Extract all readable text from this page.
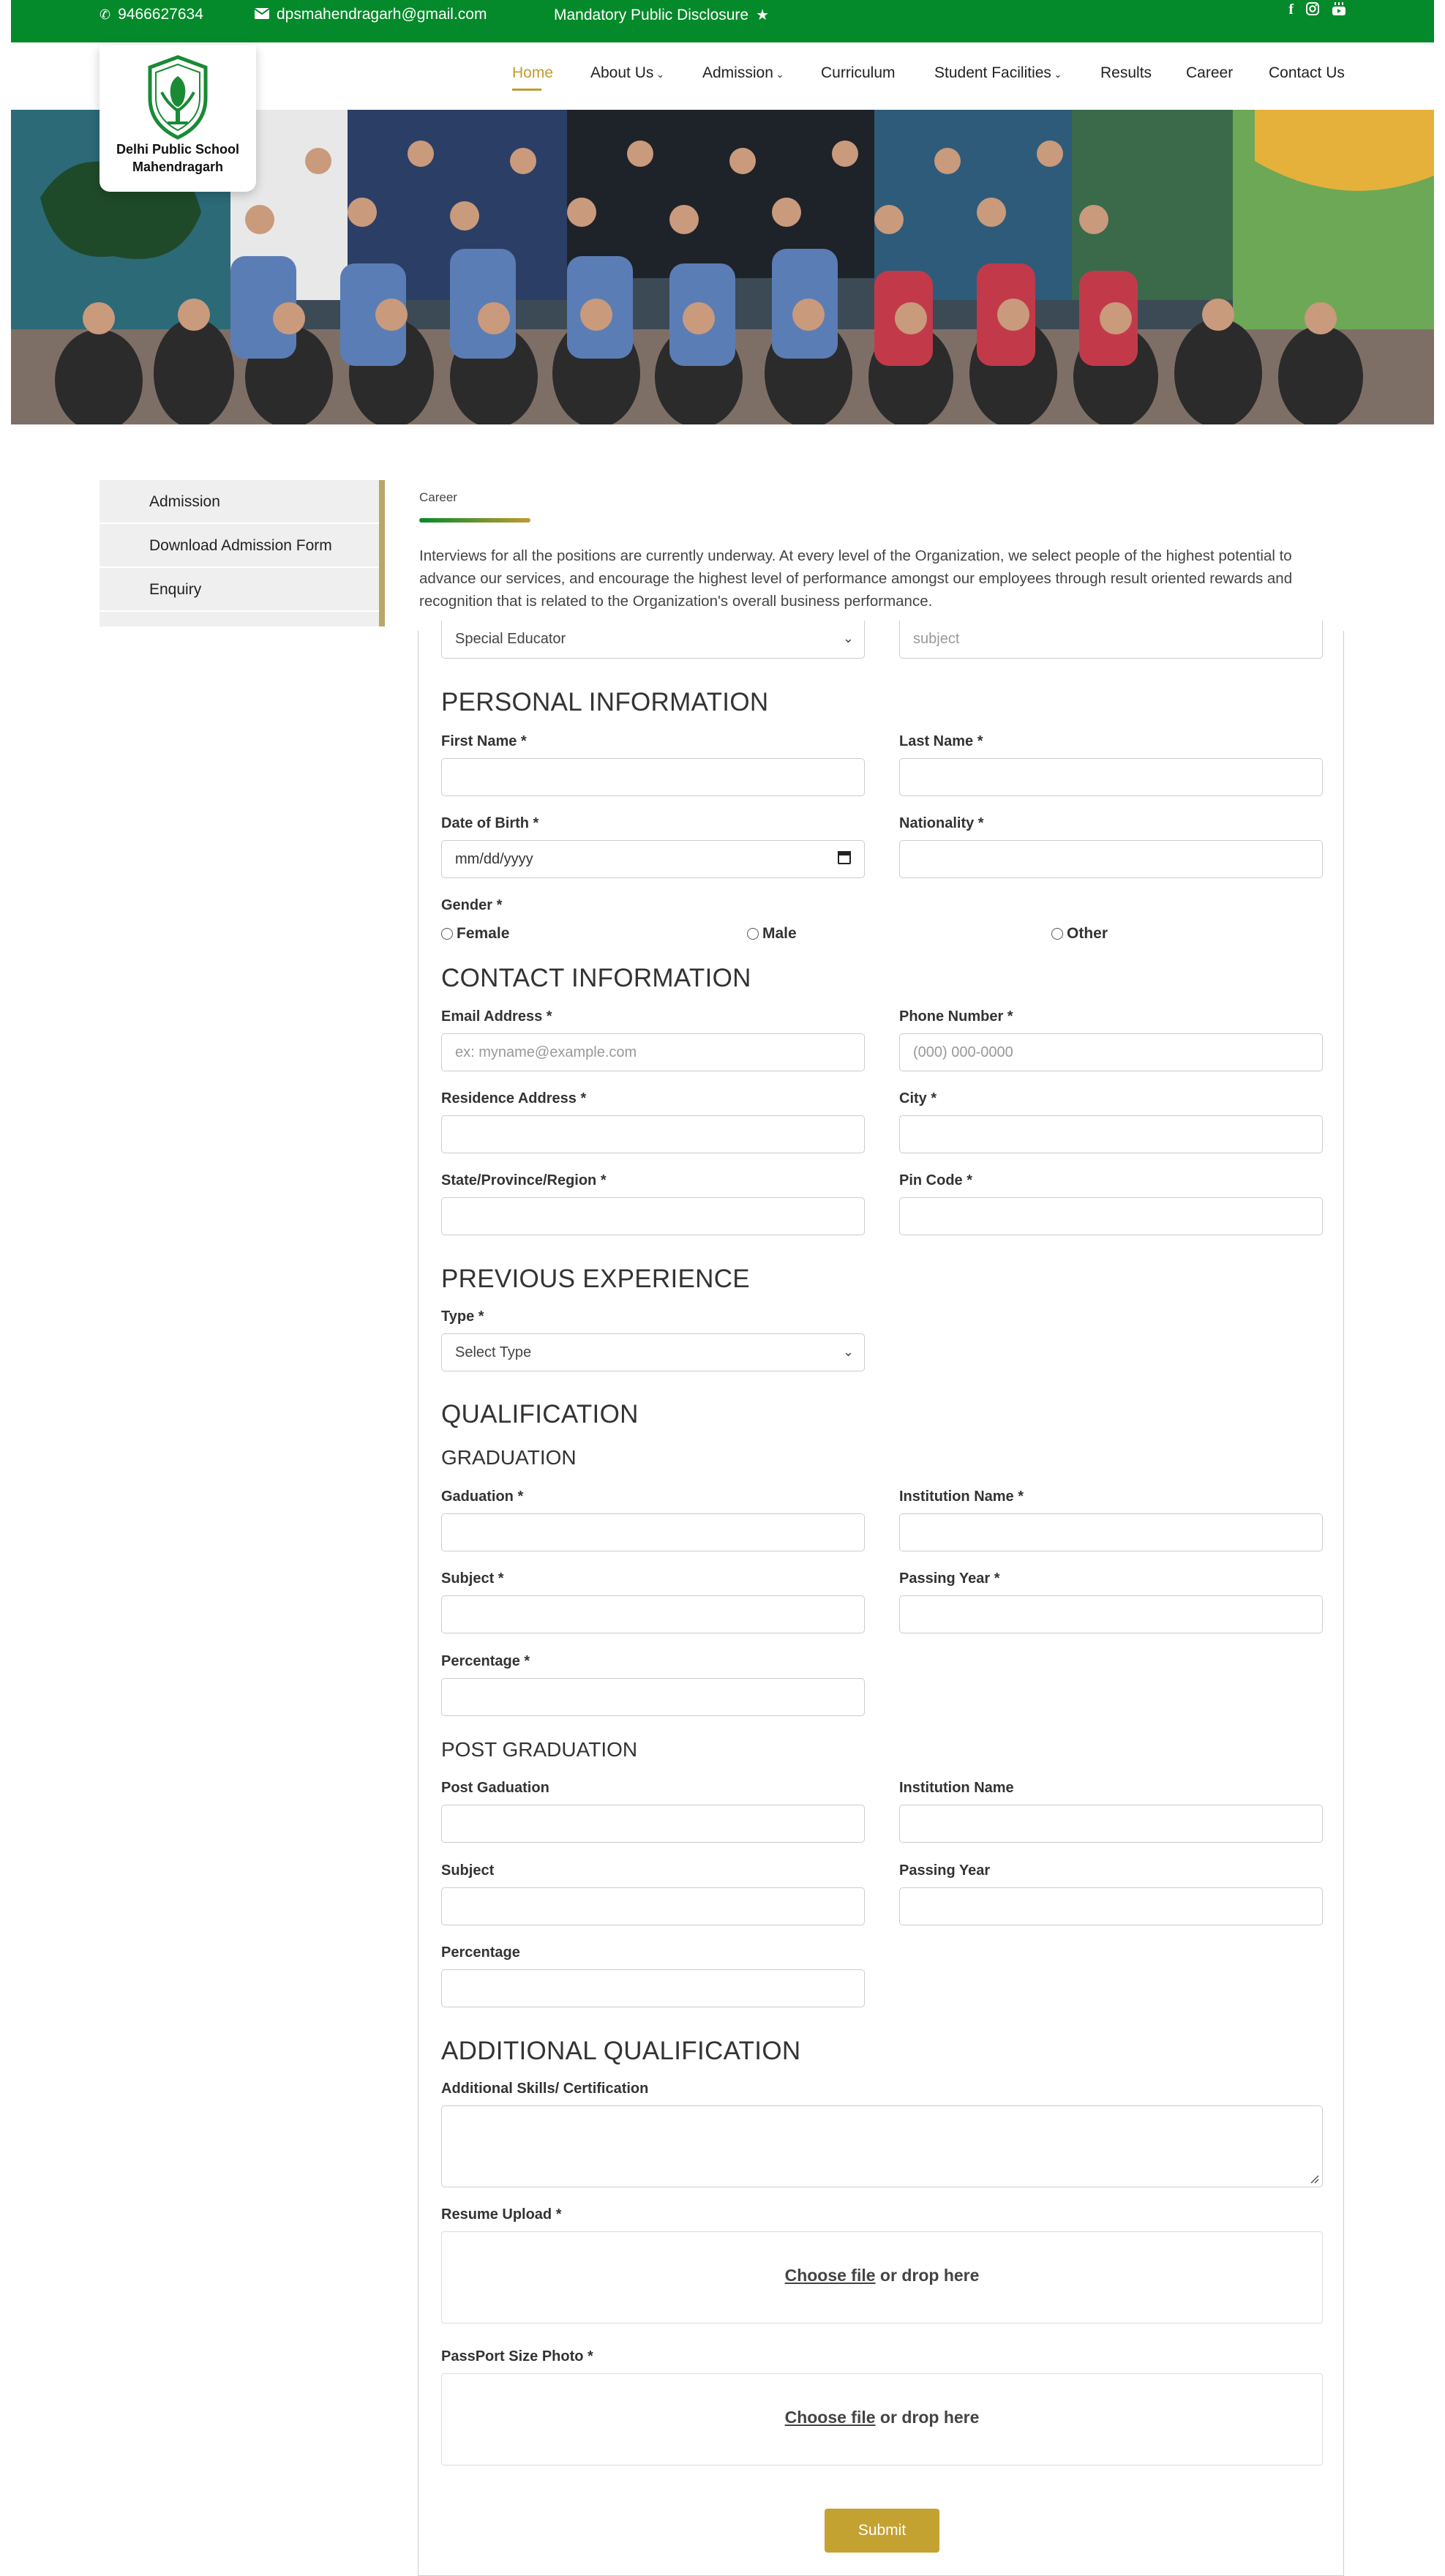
✆ 9466627634	dpsmahendragarh@gmail.com	Mandatory Public Disclosure ★	f
Delhi Public School
Mahendragarh
Home About Us ⌄ Admission ⌄ Curriculum	Student Facilities ⌄	Results Career Contact Us
Admission
Download Admission Form
Enquiry
Career
Interviews for all the positions are currently underway. At every level of the Organization, we select people of the highest potential to advance our services, and encourage the highest level of performance amongst our employees through result oriented rewards and recognition that is related to the Organization's overall business performance.
Special Educator	⌄	subject
PERSONAL INFORMATION
First Name *	Last Name *
Date of Birth *	Nationality *
mm/dd/yyyy
Gender *
Female	Male	Other
CONTACT INFORMATION
Email Address *	Phone Number *
ex: myname@example.com	(000) 000-0000
Residence Address *	City *
State/Province/Region *	Pin Code *
PREVIOUS EXPERIENCE
Type *
Select Type	⌄
QUALIFICATION
GRADUATION
Gaduation *	Institution Name *
Subject *	Passing Year *
Percentage *
POST GRADUATION
Post Gaduation	Institution Name
Subject	Passing Year
Percentage
ADDITIONAL QUALIFICATION
Additional Skills/ Certification
Resume Upload *
Choose file or drop here
PassPort Size Photo *
Choose file or drop here
Submit
